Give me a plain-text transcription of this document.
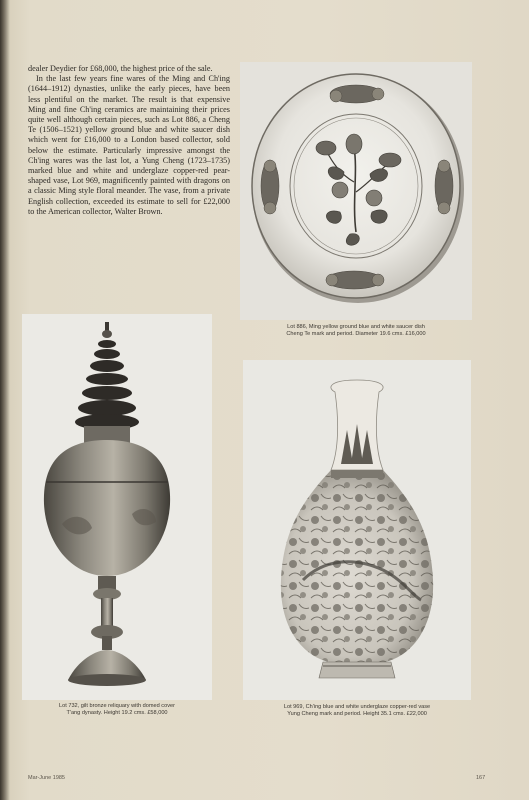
dealer Deydier for £68,000, the highest price of the sale.

In the last few years fine wares of the Ming and Ch'ing (1644–1912) dynasties, unlike the early pieces, have been less plentiful on the market. The result is that expensive Ming and fine Ch'ing ceramics are maintaining their prices quite well although certain pieces, such as Lot 886, a Cheng Te (1506–1521) yellow ground blue and white saucer dish which went for £16,000 to a London based collector, sold below the estimate. Particularly impressive amongst the Ch'ing wares was the last lot, a Yung Cheng (1723–1735) marked blue and white and underglaze copper-red pear-shaped vase, Lot 969, magnificently painted with dragons on a classic Ming style floral meander. The vase, from a private English collection, exceeded its estimate to sell for £22,000 to the American collector, Walter Brown.

Lot 886, Ming yellow ground blue and white saucer dish
Cheng Te mark and period. Diameter 19.6 cms. £16,000
Lot 732, gilt bronze reliquary with domed cover
T'ang dynasty. Height 19.2 cms. £58,000
Lot 969, Ch'ing blue and white underglaze copper-red vase
Yung Cheng mark and period. Height 35.1 cms. £22,000
Mar-June 1985	167
